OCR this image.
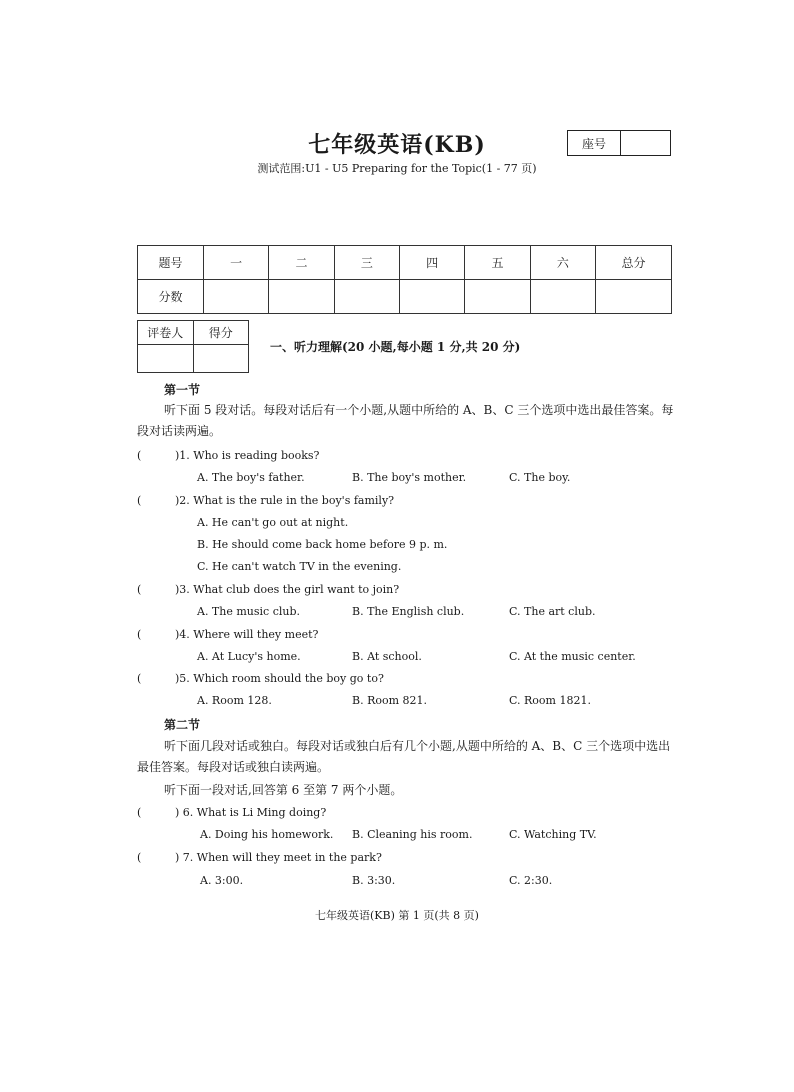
七年级英语(KB)
测试范围:U1 - U5 Preparing for the Topic(1 - 77 页)
座号
题号	一	二	三	四	五	六	总分
分数							
评卷人	得分

一、听力理解(20 小题,每小题 1 分,共 20 分)
第一节
听下面 5 段对话。每段对话后有一个小题,从题中所给的 A、B、C 三个选项中选出最佳答案。每段对话读两遍。
(	)1. Who is reading books?
A. The boy's father.	B. The boy's mother.	C. The boy.
(	)2. What is the rule in the boy's family?
A. He can't go out at night.
B. He should come back home before 9 p. m.
C. He can't watch TV in the evening.
(	)3. What club does the girl want to join?
A. The music club.	B. The English club.	C. The art club.
(	)4. Where will they meet?
A. At Lucy's home.	B. At school.	C. At the music center.
(	)5. Which room should the boy go to?
A. Room 128.	B. Room 821.	C. Room 1821.
第二节
听下面几段对话或独白。每段对话或独白后有几个小题,从题中所给的 A、B、C 三个选项中选出最佳答案。每段对话或独白读两遍。
听下面一段对话,回答第 6 至第 7 两个小题。
(	) 6. What is Li Ming doing?
A. Doing his homework. B. Cleaning his room.	C. Watching TV.
(	) 7. When will they meet in the park?
A. 3:00.	B. 3:30.	C. 2:30.
七年级英语(KB) 第 1 页(共 8 页)
